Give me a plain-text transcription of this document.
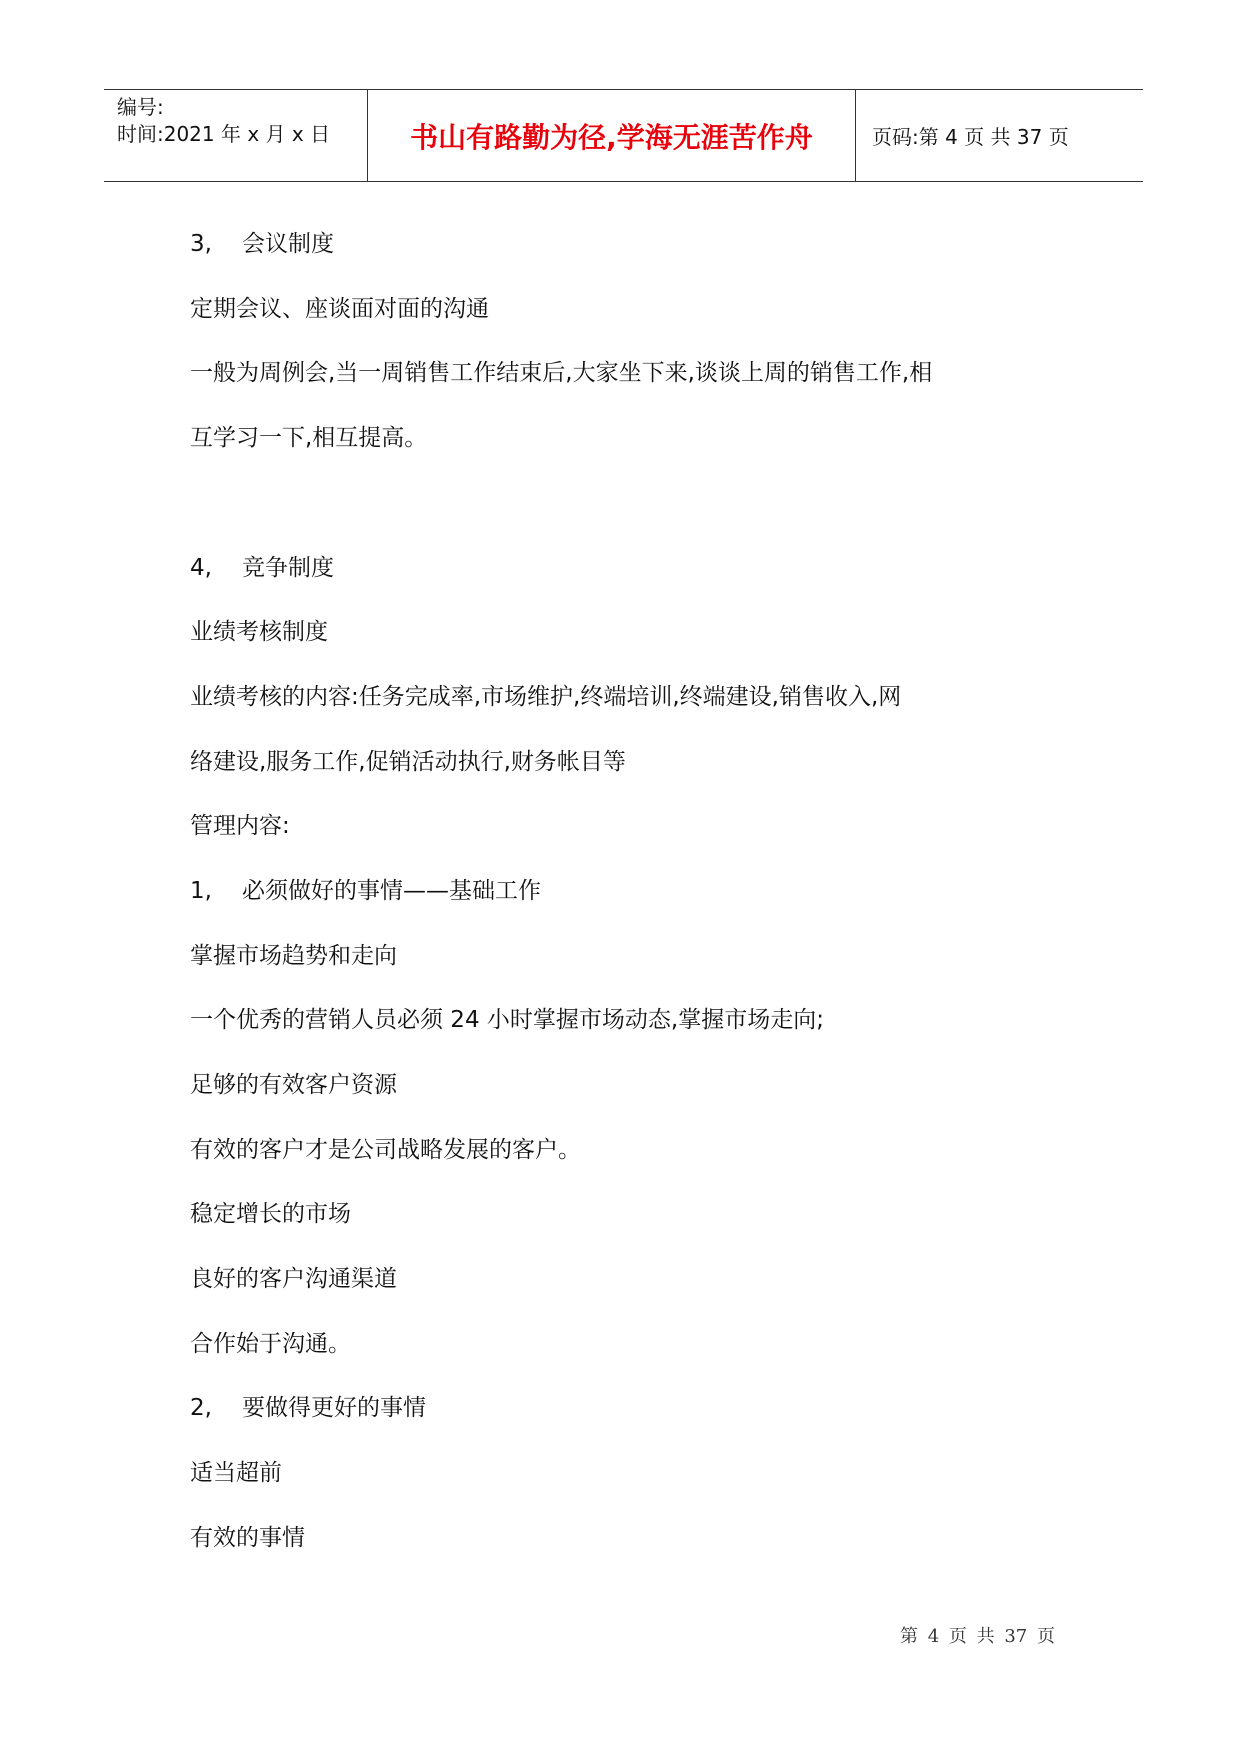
编号:
时间:2021 年 x 月 x 日	书山有路勤为径,学海无涯苦作舟	页码:第 4 页 共 37 页
3, 会议制度
定期会议、座谈面对面的沟通
一般为周例会,当一周销售工作结束后,大家坐下来,谈谈上周的销售工作,相
互学习一下,相互提高。
4, 竞争制度
业绩考核制度
业绩考核的内容:任务完成率,市场维护,终端培训,终端建设,销售收入,网
络建设,服务工作,促销活动执行,财务帐目等
管理内容:
1, 必须做好的事情——基础工作
掌握市场趋势和走向
一个优秀的营销人员必须 24 小时掌握市场动态,掌握市场走向;
足够的有效客户资源
有效的客户才是公司战略发展的客户。
稳定增长的市场
良好的客户沟通渠道
合作始于沟通。
2, 要做得更好的事情
适当超前
有效的事情
第 4 页 共 37 页
